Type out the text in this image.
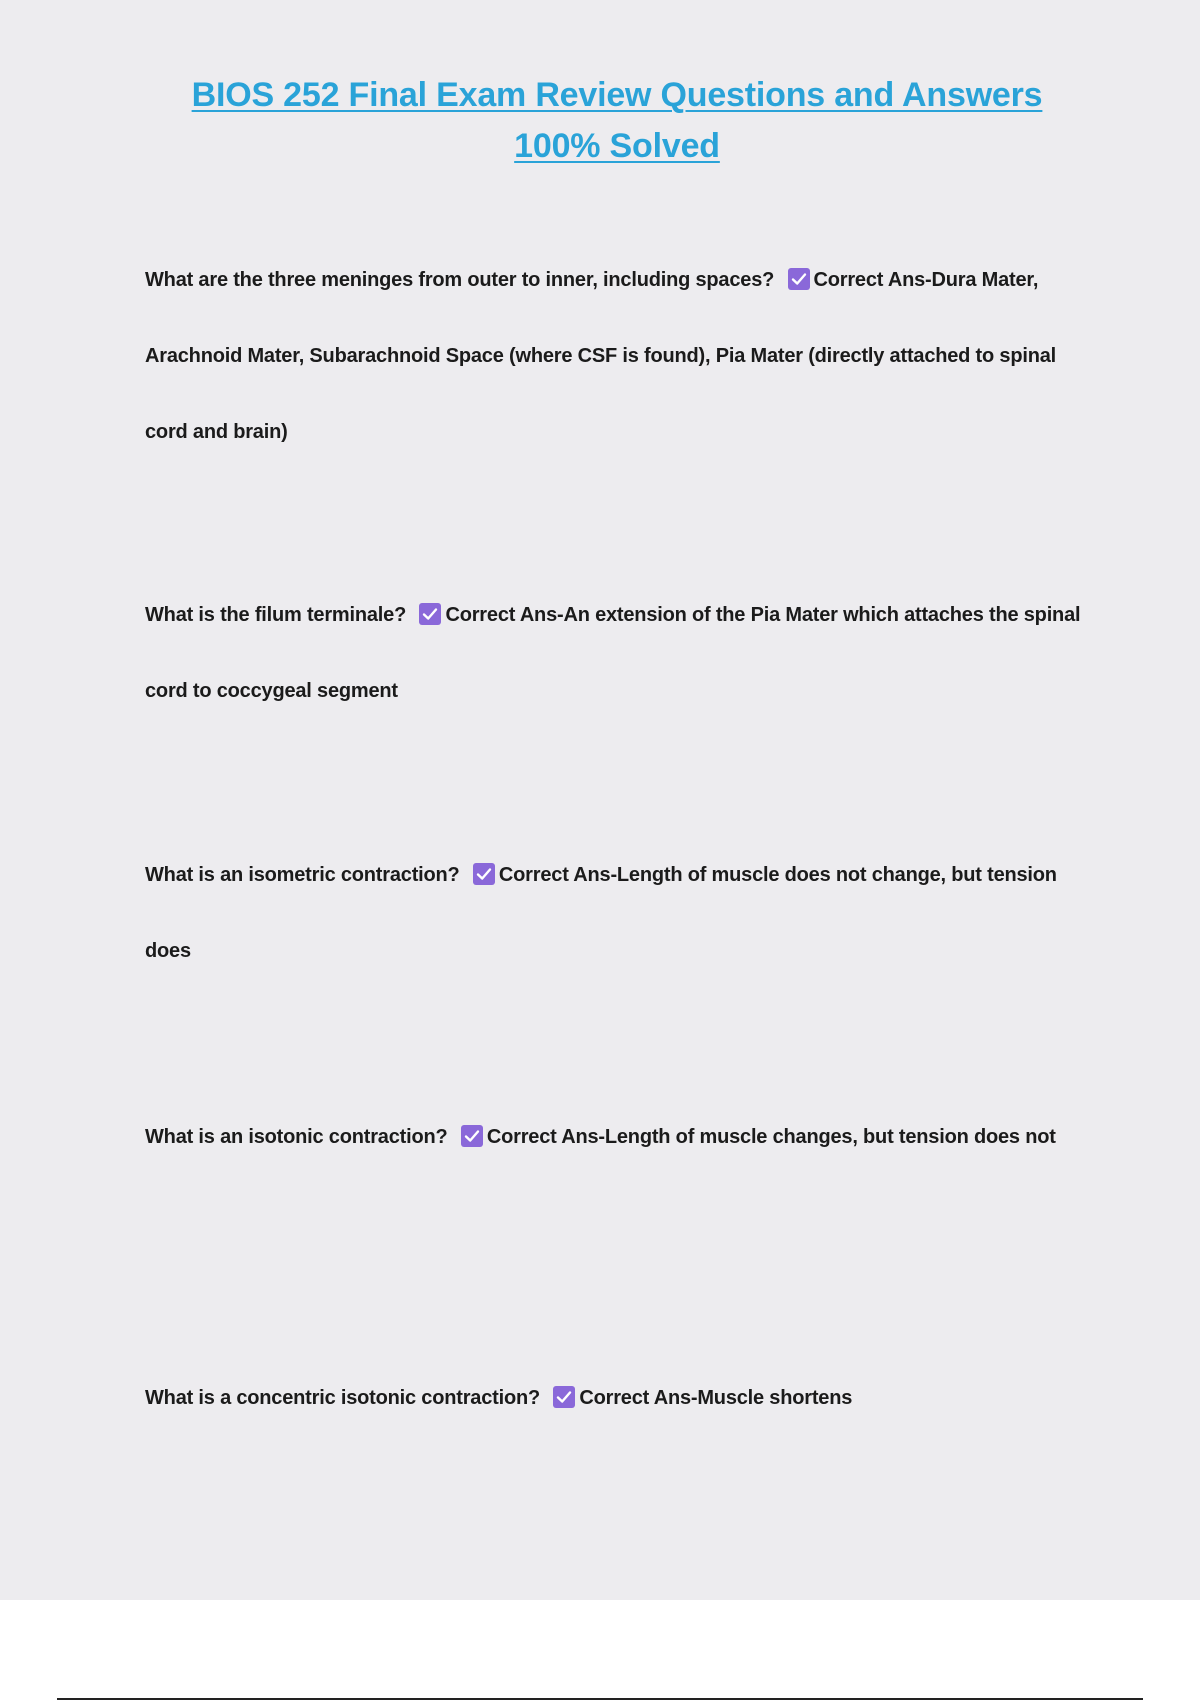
BIOS 252 Final Exam Review Questions and Answers
100% Solved
What are the three meninges from outer to inner, including spaces? Correct Ans-Dura Mater, Arachnoid Mater, Subarachnoid Space (where CSF is found), Pia Mater (directly attached to spinal cord and brain)
What is the filum terminale? Correct Ans-An extension of the Pia Mater which attaches the spinal cord to coccygeal segment
What is an isometric contraction? Correct Ans-Length of muscle does not change, but tension does
What is an isotonic contraction? Correct Ans-Length of muscle changes, but tension does not
What is a concentric isotonic contraction? Correct Ans-Muscle shortens
